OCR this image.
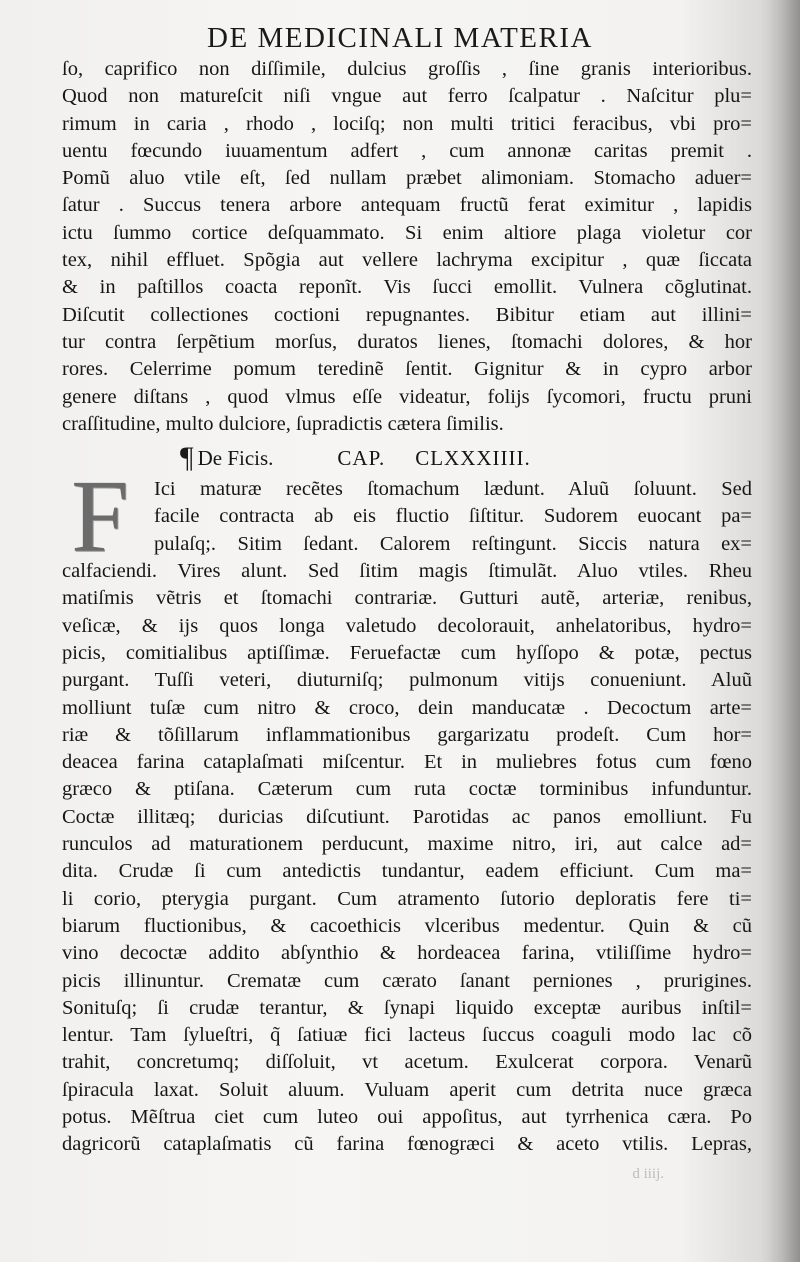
DE MEDICINALI MATERIA
ſo, caprifico non diſſimile, dulcius groſſis , ſine granis interioribus.
Quod non matureſcit niſi vngue aut ferro ſcalpatur . Naſcitur plu=
rimum in caria , rhodo , lociſq; non multi tritici feracibus, vbi pro=
uentu fœcundo iuuamentum adfert , cum annonæ caritas premit .
Pomũ aluo vtile eſt, ſed nullam præbet alimoniam. Stomacho aduer=
ſatur . Succus tenera arbore antequam fructũ ferat eximitur , lapidis
ictu ſummo cortice deſquammato. Si enim altiore plaga violetur cor
tex, nihil effluet. Spõgia aut vellere lachryma excipitur , quæ ſiccata
& in paſtillos coacta reponĩt. Vis ſucci emollit. Vulnera cõglutinat.
Diſcutit collectiones coctioni repugnantes. Bibitur etiam aut illini=
tur contra ſerpẽtium morſus, duratos lienes, ſtomachi dolores, & hor
rores. Celerrime pomum teredinẽ ſentit. Gignitur & in cypro arbor
genere diſtans , quod vlmus eſſe videatur, folijs ſycomori, fructu pruni
craſſitudine, multo dulciore, ſupradictis cætera ſimilis.
¶ De Ficis.	CAP. CLXXXIIII.
F	Ici maturæ recẽtes ſtomachum lædunt. Aluũ ſoluunt. Sed
facile contracta ab eis fluctio ſiſtitur. Sudorem euocant pa=
pulaſq;. Sitim ſedant. Calorem reſtingunt. Siccis natura ex=
calfaciendi. Vires alunt. Sed ſitim magis ſtimulãt. Aluo vtiles. Rheu
matiſmis vẽtris et ſtomachi contrariæ. Gutturi autẽ, arteriæ, renibus,
veſicæ, & ijs quos longa valetudo decolorauit, anhelatoribus, hydro=
picis, comitialibus aptiſſimæ. Feruefactæ cum hyſſopo & potæ, pectus
purgant. Tuſſi veteri, diuturniſq; pulmonum vitijs conueniunt. Aluũ
molliunt tuſæ cum nitro & croco, dein manducatæ . Decoctum arte=
riæ & tõſillarum inflammationibus gargarizatu prodeſt. Cum hor=
deacea farina cataplaſmati miſcentur. Et in muliebres fotus cum fœno
græco & ptiſana. Cæterum cum ruta coctæ torminibus infunduntur.
Coctæ illitæq; duricias diſcutiunt. Parotidas ac panos emolliunt. Fu
runculos ad maturationem perducunt, maxime nitro, iri, aut calce ad=
dita. Crudæ ſi cum antedictis tundantur, eadem efficiunt. Cum ma=
li corio, pterygia purgant. Cum atramento ſutorio deploratis fere ti=
biarum fluctionibus, & cacoethicis vlceribus medentur. Quin & cũ
vino decoctæ addito abſynthio & hordeacea farina, vtiliſſime hydro=
picis illinuntur. Crematæ cum cærato ſanant perniones , prurigines.
Sonituſq; ſi crudæ terantur, & ſynapi liquido exceptæ auribus inſtil=
lentur. Tam ſylueſtri, q̃ ſatiuæ fici lacteus ſuccus coaguli modo lac cõ
trahit, concretumq; diſſoluit, vt acetum. Exulcerat corpora. Venarũ
ſpiracula laxat. Soluit aluum. Vuluam aperit cum detrita nuce græca
potus. Mẽſtrua ciet cum luteo oui appoſitus, aut tyrrhenica cæra. Po
dagricorũ cataplaſmatis cũ farina fœnogræci & aceto vtilis. Lepras,
d iiij.
